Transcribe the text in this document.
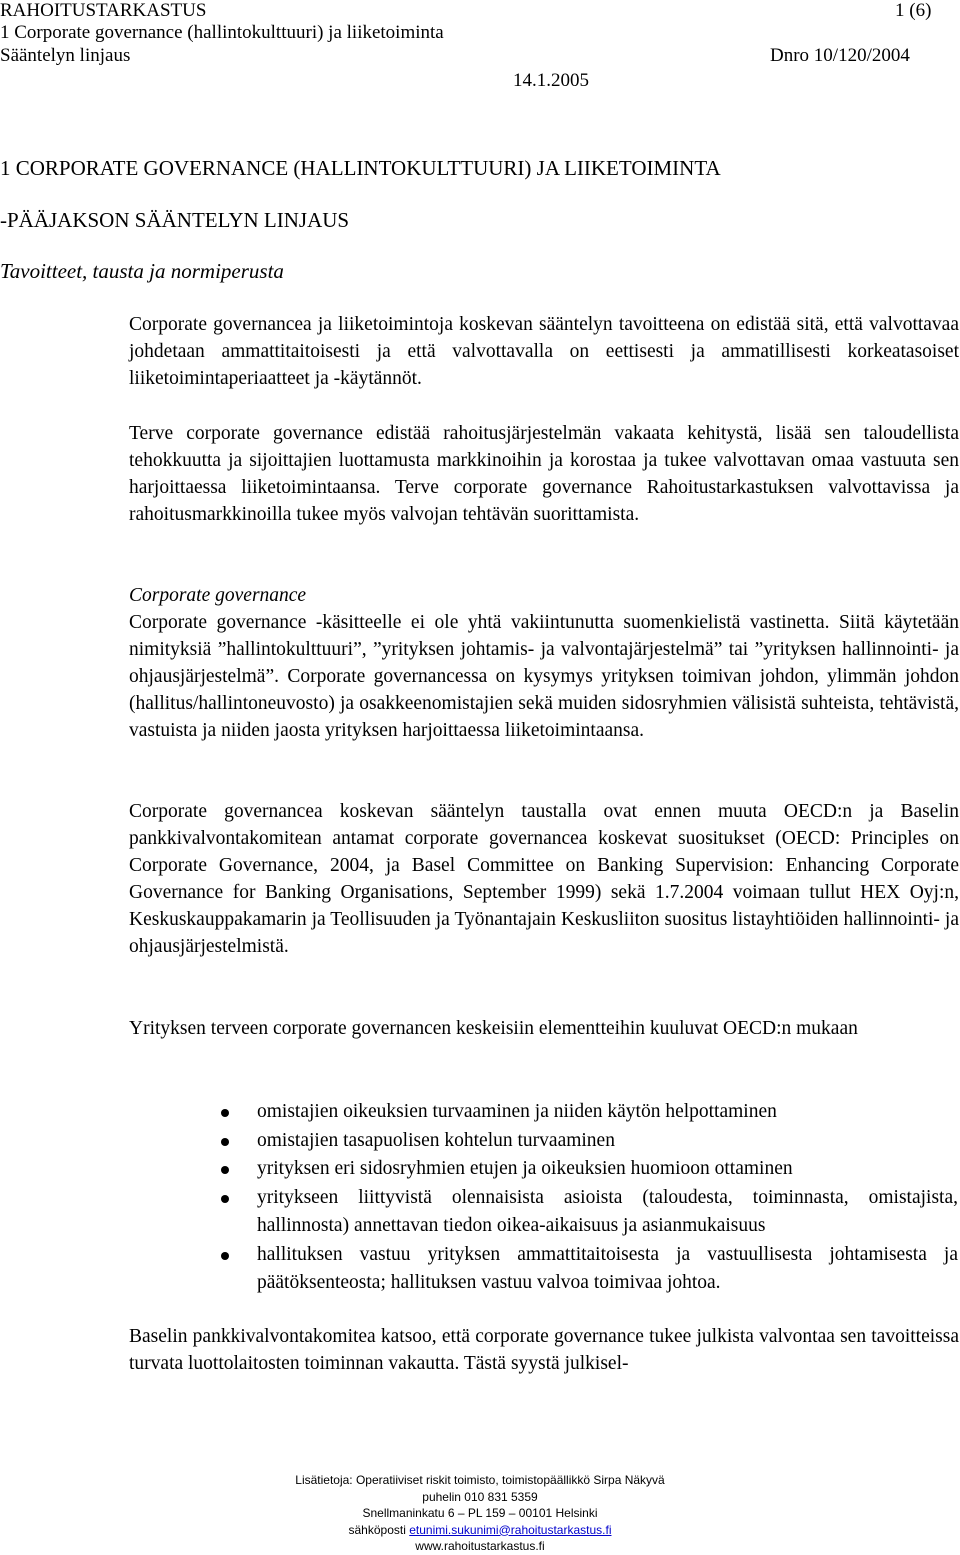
RAHOITUSTARKASTUS	1 (6)
1 Corporate governance (hallintokulttuuri) ja liiketoiminta
Sääntelyn linjaus	Dnro 10/120/2004
14.1.2005
1 CORPORATE GOVERNANCE (HALLINTOKULTTUURI) JA LIIKETOIMINTA
-PÄÄJAKSON SÄÄNTELYN LINJAUS
Tavoitteet, tausta ja normiperusta

Corporate governancea ja liiketoimintoja koskevan sääntelyn tavoitteena on edistää sitä, että valvottavaa johdetaan ammattitaitoisesti ja että valvottavalla on eettisesti ja ammatillisesti korkeatasoiset liiketoimintaperiaatteet ja -käytännöt.

Terve corporate governance edistää rahoitusjärjestelmän vakaata kehitystä, lisää sen taloudellista tehokkuutta ja sijoittajien luottamusta markkinoihin ja korostaa ja tukee valvottavan omaa vastuuta sen harjoittaessa liiketoimintaansa. Terve corporate governance Rahoitustarkastuksen valvottavissa ja rahoitusmarkkinoilla tukee myös valvojan tehtävän suorittamista.

Corporate governance

Corporate governance -käsitteelle ei ole yhtä vakiintunutta suomenkielistä vastinetta. Siitä käytetään nimityksiä ”hallintokulttuuri”, ”yrityksen johtamis- ja valvontajärjestelmä” tai ”yrityksen hallinnointi- ja ohjausjärjestelmä”. Corporate governancessa on kysymys yrityksen toimivan johdon, ylimmän johdon (hallitus/hallintoneuvosto) ja osakkeenomistajien sekä muiden sidosryhmien välisistä suhteista, tehtävistä, vastuista ja niiden jaosta yrityksen harjoittaessa liiketoimintaansa.

Corporate governancea koskevan sääntelyn taustalla ovat ennen muuta OECD:n ja Baselin pankkivalvontakomitean antamat corporate governancea koskevat suositukset (OECD: Principles on Corporate Governance, 2004, ja Basel Committee on Banking Supervision: Enhancing Corporate Governance for Banking Organisations, September 1999) sekä 1.7.2004 voimaan tullut HEX Oyj:n, Keskuskauppakamarin ja Teollisuuden ja Työnantajain Keskusliiton suositus listayhtiöiden hallinnointi- ja ohjausjärjestelmistä.

Yrityksen terveen corporate governancen keskeisiin elementteihin kuuluvat OECD:n mukaan

omistajien oikeuksien turvaaminen ja niiden käytön helpottaminen
omistajien tasapuolisen kohtelun turvaaminen
yrityksen eri sidosryhmien etujen ja oikeuksien huomioon ottaminen
yritykseen liittyvistä olennaisista asioista (taloudesta, toiminnasta, omistajista, hallinnosta) annettavan tiedon oikea-aikaisuus ja asianmukaisuus
hallituksen vastuu yrityksen ammattitaitoisesta ja vastuullisesta johtamisesta ja päätöksenteosta; hallituksen vastuu valvoa toimivaa johtoa.

Baselin pankkivalvontakomitea katsoo, että corporate governance tukee julkista valvontaa sen tavoitteissa turvata luottolaitosten toiminnan vakautta. Tästä syystä julkisel-

Lisätietoja: Operatiiviset riskit toimisto, toimistopäällikkö Sirpa Näkyvä
puhelin 010 831 5359
Snellmaninkatu 6 – PL 159 – 00101 Helsinki
sähköposti etunimi.sukunimi@rahoitustarkastus.fi
www.rahoitustarkastus.fi
